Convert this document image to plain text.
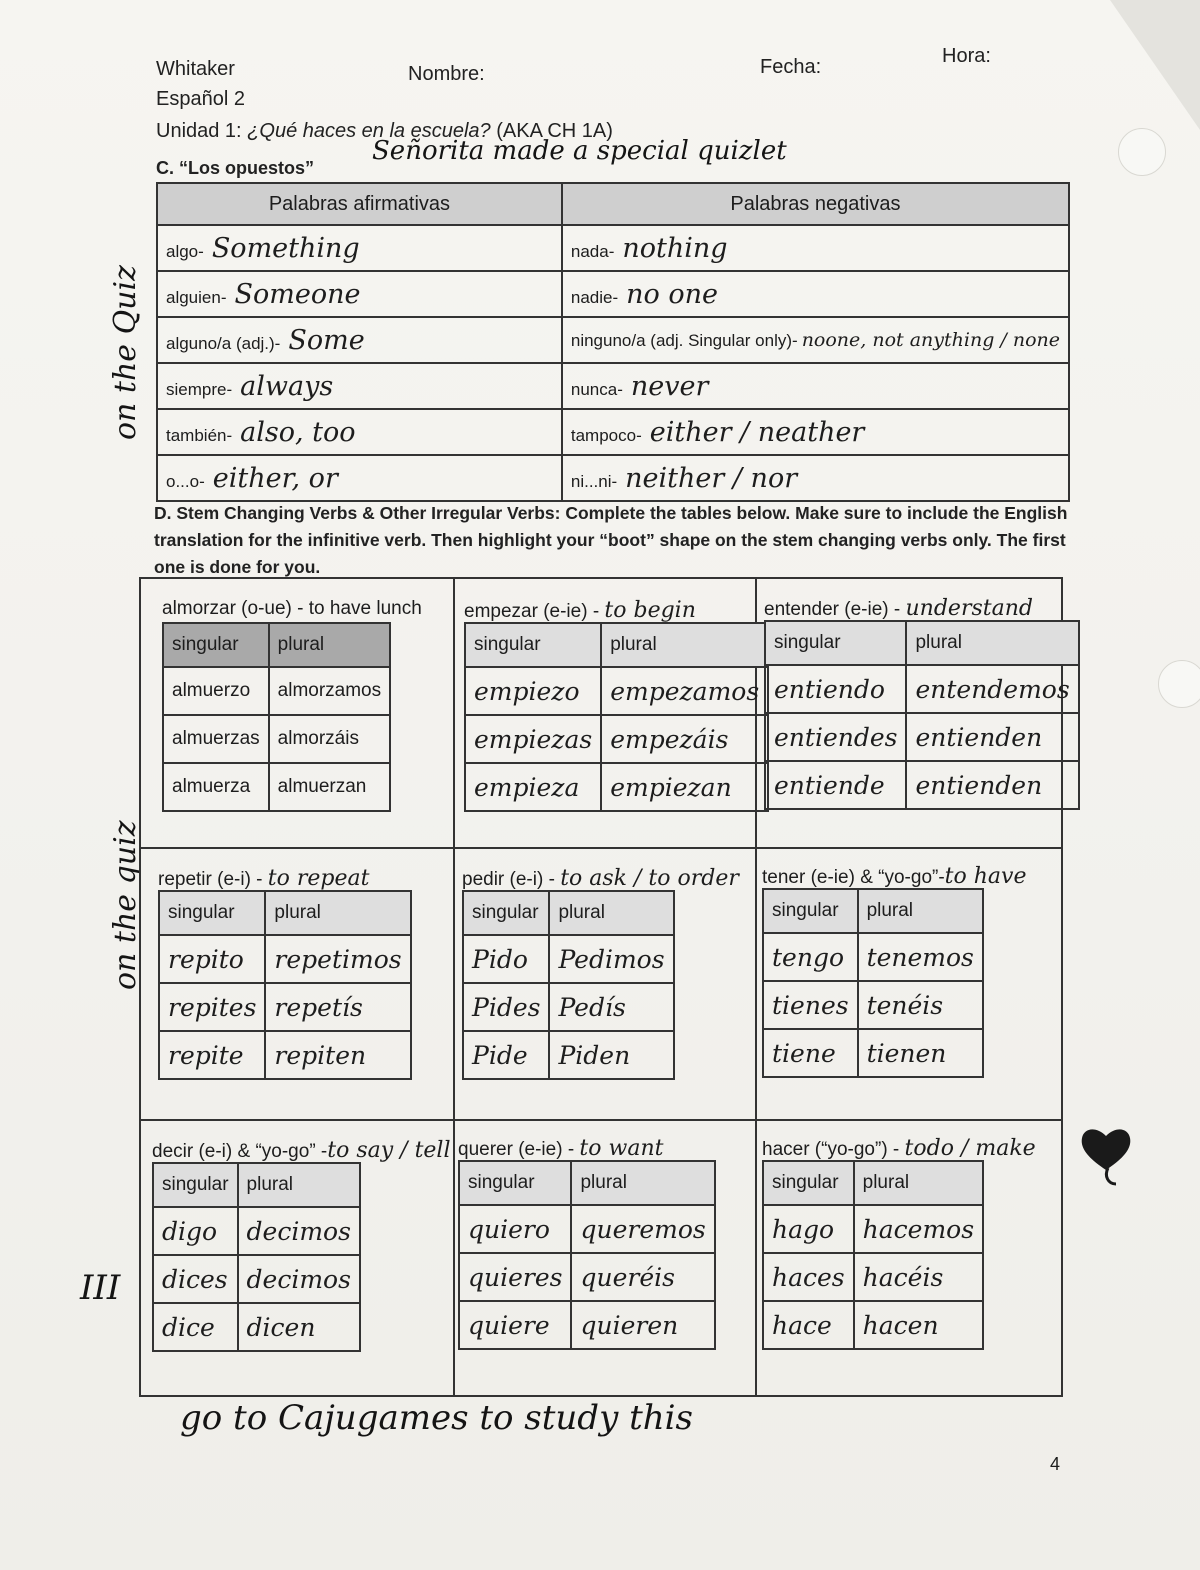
Whitaker
Español 2
Unidad 1: ¿Qué haces en la escuela? (AKA CH 1A)
Nombre:	Fecha:	Hora:
C. “Los opuestos”
Señorita made a special quizlet
Palabras afirmativas	Palabras negativas
algo- Something	nada- nothing
alguien- Someone	nadie- no one
alguno/a (adj.)- Some	ninguno/a (adj. Singular only)- noone, not anything / none
siempre- always	nunca- never
también- also, too	tampoco- either / neather
o...o- either, or	ni...ni- neither / nor
on the Quiz
on the quiz
III
D. Stem Changing Verbs & Other Irregular Verbs: Complete the tables below. Make sure to include the English translation for the infinitive verb. Then highlight your “boot” shape on the stem changing verbs only. The first one is done for you.
almorzar (o-ue) - to have lunch
singular	plural
almuerzo	almorzamos
almuerzas	almorzáis
almuerza	almuerzan
empezar (e-ie) - to begin
singular	plural
empiezo	empezamos
empiezas	empezáis
empieza	empiezan
entender (e-ie) - understand
singular	plural
entiendo	entendemos
entiendes	entienden
entiende	entienden
repetir (e-i) - to repeat
singular	plural
repito	repetimos
repites	repetís
repite	repiten
pedir (e-i) - to ask / to order
singular	plural
Pido	Pedimos
Pides	Pedís
Pide	Piden
tener (e-ie) & “yo-go”-to have
singular	plural
tengo	tenemos
tienes	tenéis
tiene	tienen
decir (e-i) & “yo-go” -to say / tell
singular	plural
digo	decimos
dices	decimos
dice	dicen
querer (e-ie) - to want
singular	plural
quiero	queremos
quieres	queréis
quiere	quieren
hacer (“yo-go”) - todo / make
singular	plural
hago	hacemos
haces	hacéis
hace	hacen
go to Cajugames to study this
4
